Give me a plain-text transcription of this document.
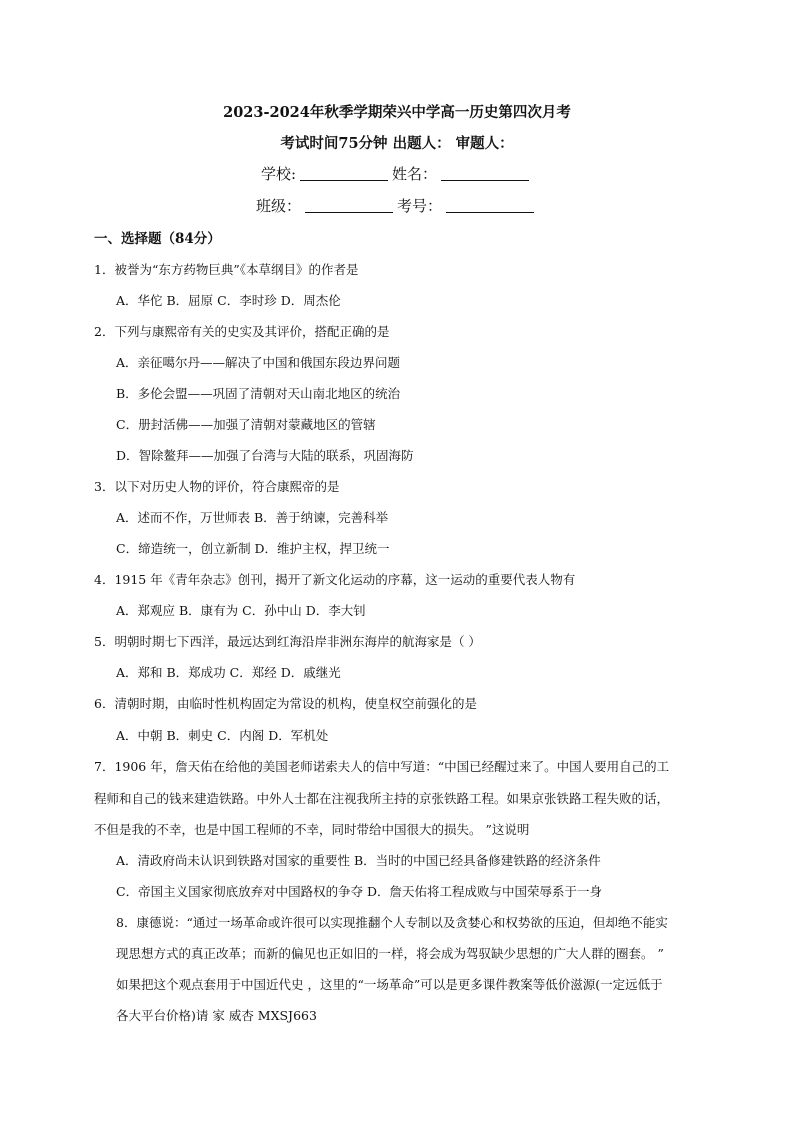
2023-2024年秋季学期荣兴中学高一历史第四次月考
考试时间75分钟 出题人： 审题人：
学校:	姓名：
班级：	考号：
一、选择题（84分）
1．被誉为“东方药物巨典”《本草纲目》的作者是
A．华佗 B．屈原 C．李时珍 D．周杰伦
2．下列与康熙帝有关的史实及其评价，搭配正确的是
A．亲征噶尔丹——解决了中国和俄国东段边界问题
B．多伦会盟——巩固了清朝对天山南北地区的统治
C．册封活佛——加强了清朝对蒙藏地区的管辖
D．智除鳌拜——加强了台湾与大陆的联系，巩固海防
3．以下对历史人物的评价，符合康熙帝的是
A．述而不作，万世师表 B．善于纳谏，完善科举
C．缔造统一，创立新制 D．维护主权，捍卫统一
4．1915 年《青年杂志》创刊，揭开了新文化运动的序幕，这一运动的重要代表人物有
A．郑观应 B．康有为 C．孙中山 D．李大钊
5．明朝时期七下西洋，最远达到红海沿岸非洲东海岸的航海家是（ ）
A．郑和 B．郑成功 C．郑经 D．戚继光
6．清朝时期，由临时性机构固定为常设的机构，使皇权空前强化的是
A．中朝 B．刺史 C．内阁 D．军机处
7．1906 年，詹天佑在给他的美国老师诺索夫人的信中写道：“中国已经醒过来了。中国人要用自己的工
程师和自己的钱来建造铁路。中外人士都在注视我所主持的京张铁路工程。如果京张铁路工程失败的话，
不但是我的不幸，也是中国工程师的不幸，同时带给中国很大的损失。 ”这说明
A．清政府尚未认识到铁路对国家的重要性 B．当时的中国已经具备修建铁路的经济条件
C．帝国主义国家彻底放弃对中国路权的争夺 D．詹天佑将工程成败与中国荣辱系于一身
8．康德说：“通过一场革命或许很可以实现推翻个人专制以及贪婪心和权势欲的压迫，但却绝不能实
现思想方式的真正改革；而新的偏见也正如旧的一样，将会成为驾驭缺少思想的广大人群的圈套。 ”
如果把这个观点套用于中国近代史 ，这里的“一场革命”可以是更多课件教案等低价滋源(一定远低于
各大平台价格)请 家 威杏 MXSJ663
